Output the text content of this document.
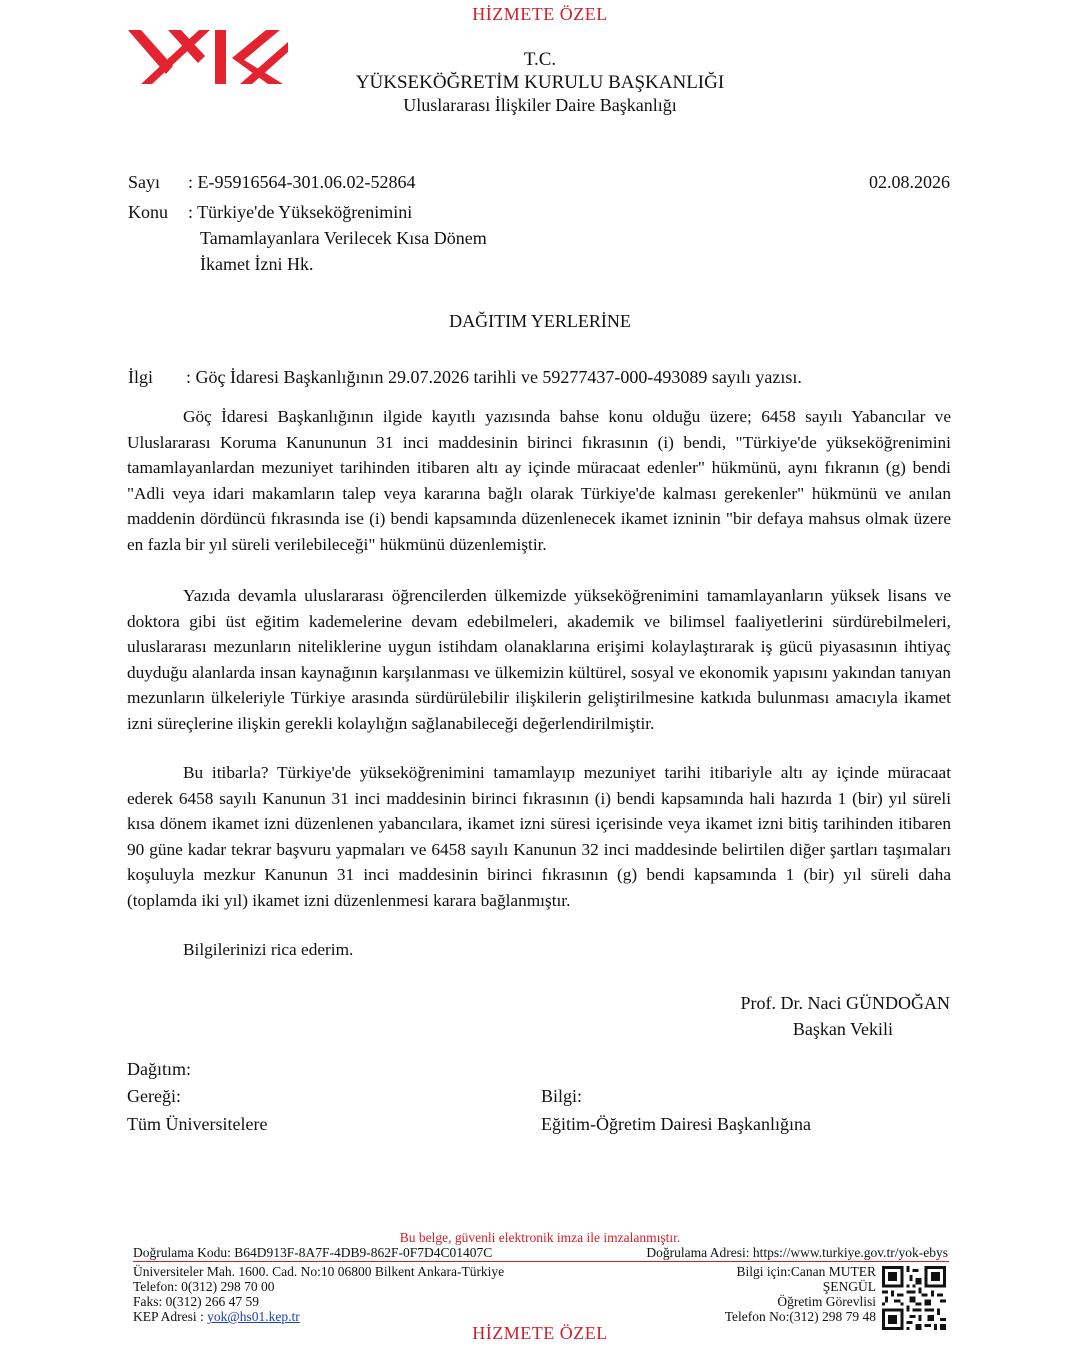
HİZMETE ÖZEL
T.C.
YÜKSEKÖĞRETİM KURULU BAŞKANLIĞI
Uluslararası İlişkiler Daire Başkanlığı
Sayı : E-95916564-301.06.02-52864	02.08.2026
Konu : Türkiye'de Yükseköğrenimini
Tamamlayanlara Verilecek Kısa Dönem
İkamet İzni Hk.
DAĞITIM YERLERİNE
İlgi : Göç İdaresi Başkanlığının 29.07.2026 tarihli ve 59277437-000-493089 sayılı yazısı.

Göç İdaresi Başkanlığının ilgide kayıtlı yazısında bahse konu olduğu üzere; 6458 sayılı Yabancılar ve Uluslararası Koruma Kanununun 31 inci maddesinin birinci fıkrasının (i) bendi, "Türkiye'de yükseköğrenimini tamamlayanlardan mezuniyet tarihinden itibaren altı ay içinde müracaat edenler" hükmünü, aynı fıkranın (g) bendi "Adli veya idari makamların talep veya kararına bağlı olarak Türkiye'de kalması gerekenler" hükmünü ve anılan maddenin dördüncü fıkrasında ise (i) bendi kapsamında düzenlenecek ikamet izninin "bir defaya mahsus olmak üzere en fazla bir yıl süreli verilebileceği" hükmünü düzenlemiştir.

Yazıda devamla uluslararası öğrencilerden ülkemizde yükseköğrenimini tamamlayanların yüksek lisans ve doktora gibi üst eğitim kademelerine devam edebilmeleri, akademik ve bilimsel faaliyetlerini sürdürebilmeleri, uluslararası mezunların niteliklerine uygun istihdam olanaklarına erişimi kolaylaştırarak iş gücü piyasasının ihtiyaç duyduğu alanlarda insan kaynağının karşılanması ve ülkemizin kültürel, sosyal ve ekonomik yapısını yakından tanıyan mezunların ülkeleriyle Türkiye arasında sürdürülebilir ilişkilerin geliştirilmesine katkıda bulunması amacıyla ikamet izni süreçlerine ilişkin gerekli kolaylığın sağlanabileceği değerlendirilmiştir.

Bu itibarla? Türkiye'de yükseköğrenimini tamamlayıp mezuniyet tarihi itibariyle altı ay içinde müracaat ederek 6458 sayılı Kanunun 31 inci maddesinin birinci fıkrasının (i) bendi kapsamında hali hazırda 1 (bir) yıl süreli kısa dönem ikamet izni düzenlenen yabancılara, ikamet izni süresi içerisinde veya ikamet izni bitiş tarihinden itibaren 90 güne kadar tekrar başvuru yapmaları ve 6458 sayılı Kanunun 32 inci maddesinde belirtilen diğer şartları taşımaları koşuluyla mezkur Kanunun 31 inci maddesinin birinci fıkrasının (g) bendi kapsamında 1 (bir) yıl süreli daha (toplamda iki yıl) ikamet izni düzenlenmesi karara bağlanmıştır.

Bilgilerinizi rica ederim.

Prof. Dr. Naci GÜNDOĞAN
Başkan Vekili
Dağıtım:
Gereği:
Tüm Üniversitelere
Bilgi:
Eğitim-Öğretim Dairesi Başkanlığına
Bu belge, güvenli elektronik imza ile imzalanmıştır.
Doğrulama Kodu: B64D913F-8A7F-4DB9-862F-0F7D4C01407C	Doğrulama Adresi: https://www.turkiye.gov.tr/yok-ebys
Üniversiteler Mah. 1600. Cad. No:10 06800 Bilkent Ankara-Türkiye
Telefon: 0(312) 298 70 00
Faks: 0(312) 266 47 59
KEP Adresi : yok@hs01.kep.tr
Bilgi için:Canan MUTER
ŞENGÜL
Öğretim Görevlisi
Telefon No:(312) 298 79 48
HİZMETE ÖZEL
